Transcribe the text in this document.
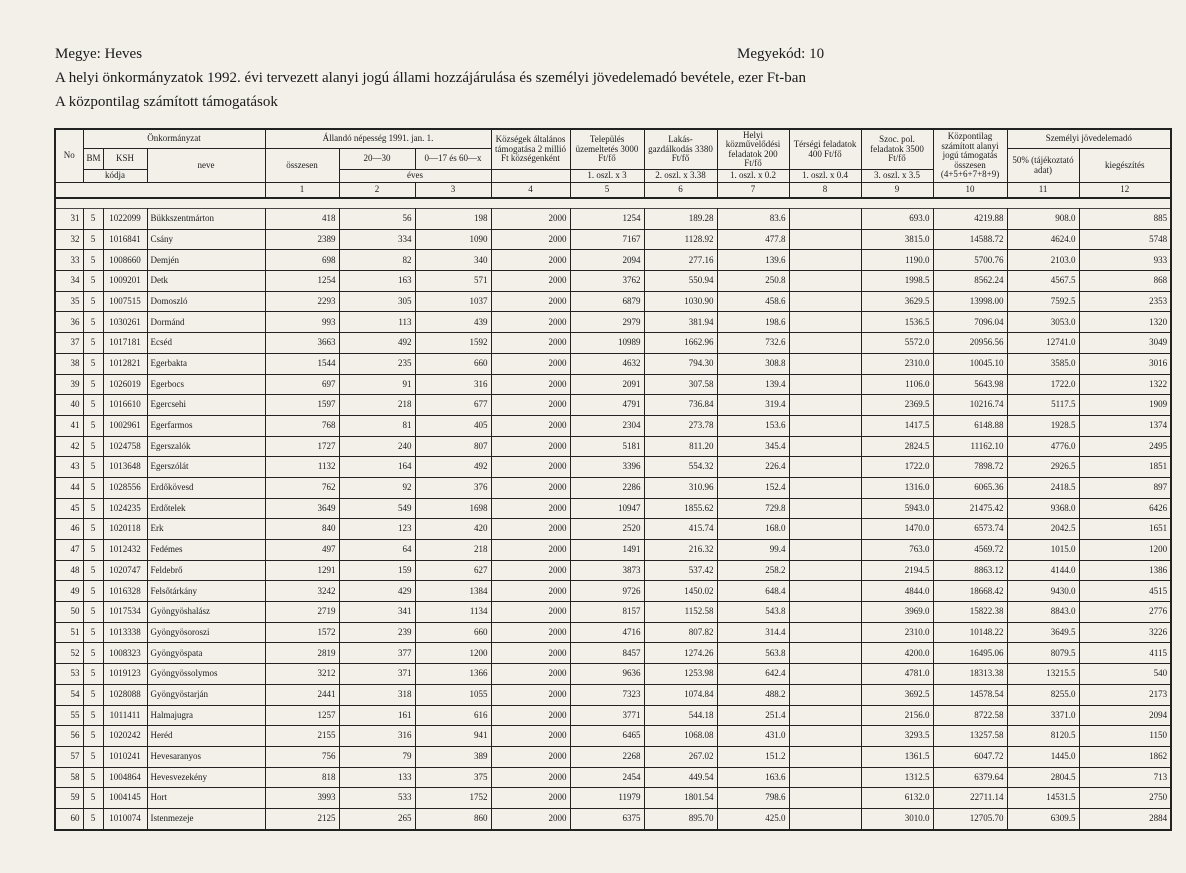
Megye: Heves	Megyekód: 10
A helyi önkormányzatok 1992. évi tervezett alanyi jogú állami hozzájárulása és személyi jövedelemadó bevétele, ezer Ft-ban
A központilag számított támogatások
No	Önkormányzat			Állandó népesség 1991. jan. 1.			Községek általános támogatása 2 millió Ft községenként	Település üzemeltetés 3000 Ft/fő	Lakás-gazdálkodás 3380 Ft/fő	Helyi közművelődési feladatok 200 Ft/fő	Térségi feladatok 400 Ft/fő	Szoc. pol. feladatok 3500 Ft/fő	Központilag számított alanyi jogú támogatás összesen (4+5+6+7+8+9)	Személyi jövedelemadó	
	BM	KSH	neve	összesen	20—30	0—17 és 60—x								50% (tájékoztató adat)	kiegészítés
	kódja				éves			1. oszl. x 3	2. oszl. x 3.38	1. oszl. x 0.2	1. oszl. x 0.4	3. oszl. x 3.5			
				1	2	3	4	5	6	7	8	9	10	11	12

31	5	1022099	Bükkszentmárton	418	56	198	2000	1254	189.28	83.6		693.0	4219.88	908.0	885
32	5	1016841	Csány	2389	334	1090	2000	7167	1128.92	477.8		3815.0	14588.72	4624.0	5748
33	5	1008660	Demjén	698	82	340	2000	2094	277.16	139.6		1190.0	5700.76	2103.0	933
34	5	1009201	Detk	1254	163	571	2000	3762	550.94	250.8		1998.5	8562.24	4567.5	868
35	5	1007515	Domoszló	2293	305	1037	2000	6879	1030.90	458.6		3629.5	13998.00	7592.5	2353
36	5	1030261	Dormánd	993	113	439	2000	2979	381.94	198.6		1536.5	7096.04	3053.0	1320
37	5	1017181	Ecséd	3663	492	1592	2000	10989	1662.96	732.6		5572.0	20956.56	12741.0	3049
38	5	1012821	Egerbakta	1544	235	660	2000	4632	794.30	308.8		2310.0	10045.10	3585.0	3016
39	5	1026019	Egerbocs	697	91	316	2000	2091	307.58	139.4		1106.0	5643.98	1722.0	1322
40	5	1016610	Egercsehi	1597	218	677	2000	4791	736.84	319.4		2369.5	10216.74	5117.5	1909
41	5	1002961	Egerfarmos	768	81	405	2000	2304	273.78	153.6		1417.5	6148.88	1928.5	1374
42	5	1024758	Egerszalók	1727	240	807	2000	5181	811.20	345.4		2824.5	11162.10	4776.0	2495
43	5	1013648	Egerszólát	1132	164	492	2000	3396	554.32	226.4		1722.0	7898.72	2926.5	1851
44	5	1028556	Erdőkövesd	762	92	376	2000	2286	310.96	152.4		1316.0	6065.36	2418.5	897
45	5	1024235	Erdőtelek	3649	549	1698	2000	10947	1855.62	729.8		5943.0	21475.42	9368.0	6426
46	5	1020118	Erk	840	123	420	2000	2520	415.74	168.0		1470.0	6573.74	2042.5	1651
47	5	1012432	Fedémes	497	64	218	2000	1491	216.32	99.4		763.0	4569.72	1015.0	1200
48	5	1020747	Feldebrő	1291	159	627	2000	3873	537.42	258.2		2194.5	8863.12	4144.0	1386
49	5	1016328	Felsőtárkány	3242	429	1384	2000	9726	1450.02	648.4		4844.0	18668.42	9430.0	4515
50	5	1017534	Gyöngyöshalász	2719	341	1134	2000	8157	1152.58	543.8		3969.0	15822.38	8843.0	2776
51	5	1013338	Gyöngyösoroszi	1572	239	660	2000	4716	807.82	314.4		2310.0	10148.22	3649.5	3226
52	5	1008323	Gyöngyöspata	2819	377	1200	2000	8457	1274.26	563.8		4200.0	16495.06	8079.5	4115
53	5	1019123	Gyöngyössolymos	3212	371	1366	2000	9636	1253.98	642.4		4781.0	18313.38	13215.5	540
54	5	1028088	Gyöngyöstarján	2441	318	1055	2000	7323	1074.84	488.2		3692.5	14578.54	8255.0	2173
55	5	1011411	Halmajugra	1257	161	616	2000	3771	544.18	251.4		2156.0	8722.58	3371.0	2094
56	5	1020242	Heréd	2155	316	941	2000	6465	1068.08	431.0		3293.5	13257.58	8120.5	1150
57	5	1010241	Hevesaranyos	756	79	389	2000	2268	267.02	151.2		1361.5	6047.72	1445.0	1862
58	5	1004864	Hevesvezekény	818	133	375	2000	2454	449.54	163.6		1312.5	6379.64	2804.5	713
59	5	1004145	Hort	3993	533	1752	2000	11979	1801.54	798.6		6132.0	22711.14	14531.5	2750
60	5	1010074	Istenmezeje	2125	265	860	2000	6375	895.70	425.0		3010.0	12705.70	6309.5	2884
